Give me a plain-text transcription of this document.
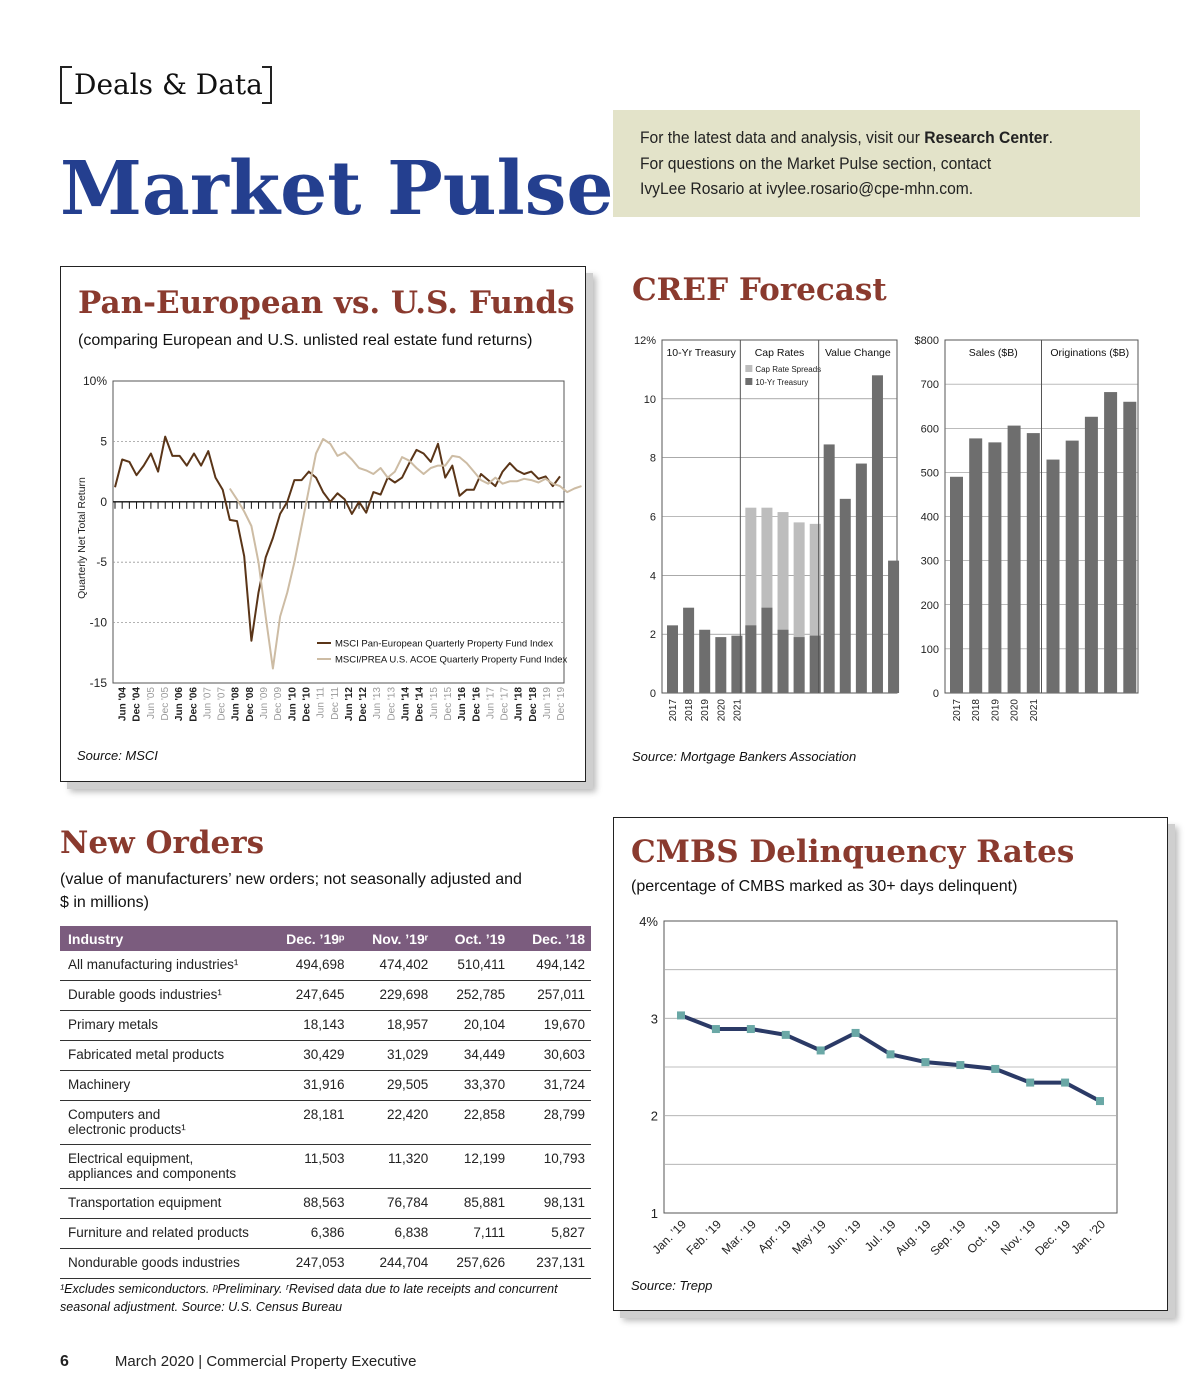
Deals & Data
Market Pulse
For the latest data and analysis, visit our Research Center.
For questions on the Market Pulse section, contact
IvyLee Rosario at ivylee.rosario@cpe-mhn.com.
Pan-European vs. U.S. Funds
(comparing European and U.S. unlisted real estate fund returns)
10%
5
0
-5
-10
-15
Quarterly Net Total Return
MSCI Pan-European Quarterly Property Fund Index
MSCI/PREA U.S. ACOE Quarterly Property Fund Index
Jun '04 Dec '04 Jun '05 Dec '05 Jun '06 Dec '06 Jun '07 Dec '07 Jun '08 Dec '08 Jun '09 Dec '09 Jun '10 Dec '10 Jun '11 Dec '11 Jun '12 Dec '12 Jun '13 Dec '13 Jun '14 Dec '14 Jun '15 Dec '15 Jun '16 Dec '16 Jun '17 Dec '17 Jun '18 Dec '18 Jun '19 Dec '19
Source: MSCI
CREF Forecast
12%
10
8
6
4
2
0
10-Yr Treasury Cap Rates
Cap Rate Spreads
10-Yr Treasury
Value Change
2017 2018 2019 2020 2021
$800
700
600
500
400
300
200
100
0
Sales ($B)	Originations ($B)
2017 2018 2019 2020 2021
Source: Mortgage Bankers Association
New Orders
(value of manufacturers’ new orders; not seasonally adjusted and
$ in millions)
Industry	Dec. ’19ᵖ	Nov. ’19ʳ	Oct. ’19	Dec. ’18

All manufacturing industries¹	494,698	474,402	510,411	494,142

Durable goods industries¹	247,645	229,698	252,785	257,011

Primary metals	18,143	18,957	20,104	19,670

Fabricated metal products	30,429	31,029	34,449	30,603

Machinery	31,916	29,505	33,370	31,724

Computers and
electronic products¹	28,181	22,420	22,858	28,799

Electrical equipment,
appliances and components	11,503	11,320	12,199	10,793

Transportation equipment	88,563	76,784	85,881	98,131

Furniture and related products	6,386	6,838	7,111	5,827

Nondurable goods industries	247,053	244,704	257,626	237,131
¹Excludes semiconductors. ᵖPreliminary. ʳRevised data due to late receipts and concurrent
seasonal adjustment. Source: U.S. Census Bureau
CMBS Delinquency Rates
(percentage of CMBS marked as 30+ days delinquent)
4%
3
2
1
Jan. ’19
Feb. ’19
Mar. ’19
Apr. ’19
May ’19
Jun. ’19
Jul. ’19
Aug. ’19
Sep. ’19
Oct. ’19
Nov. ’19
Dec. ’19
Jan. ’20
Source: Trepp
6	March 2020 | Commercial Property Executive
